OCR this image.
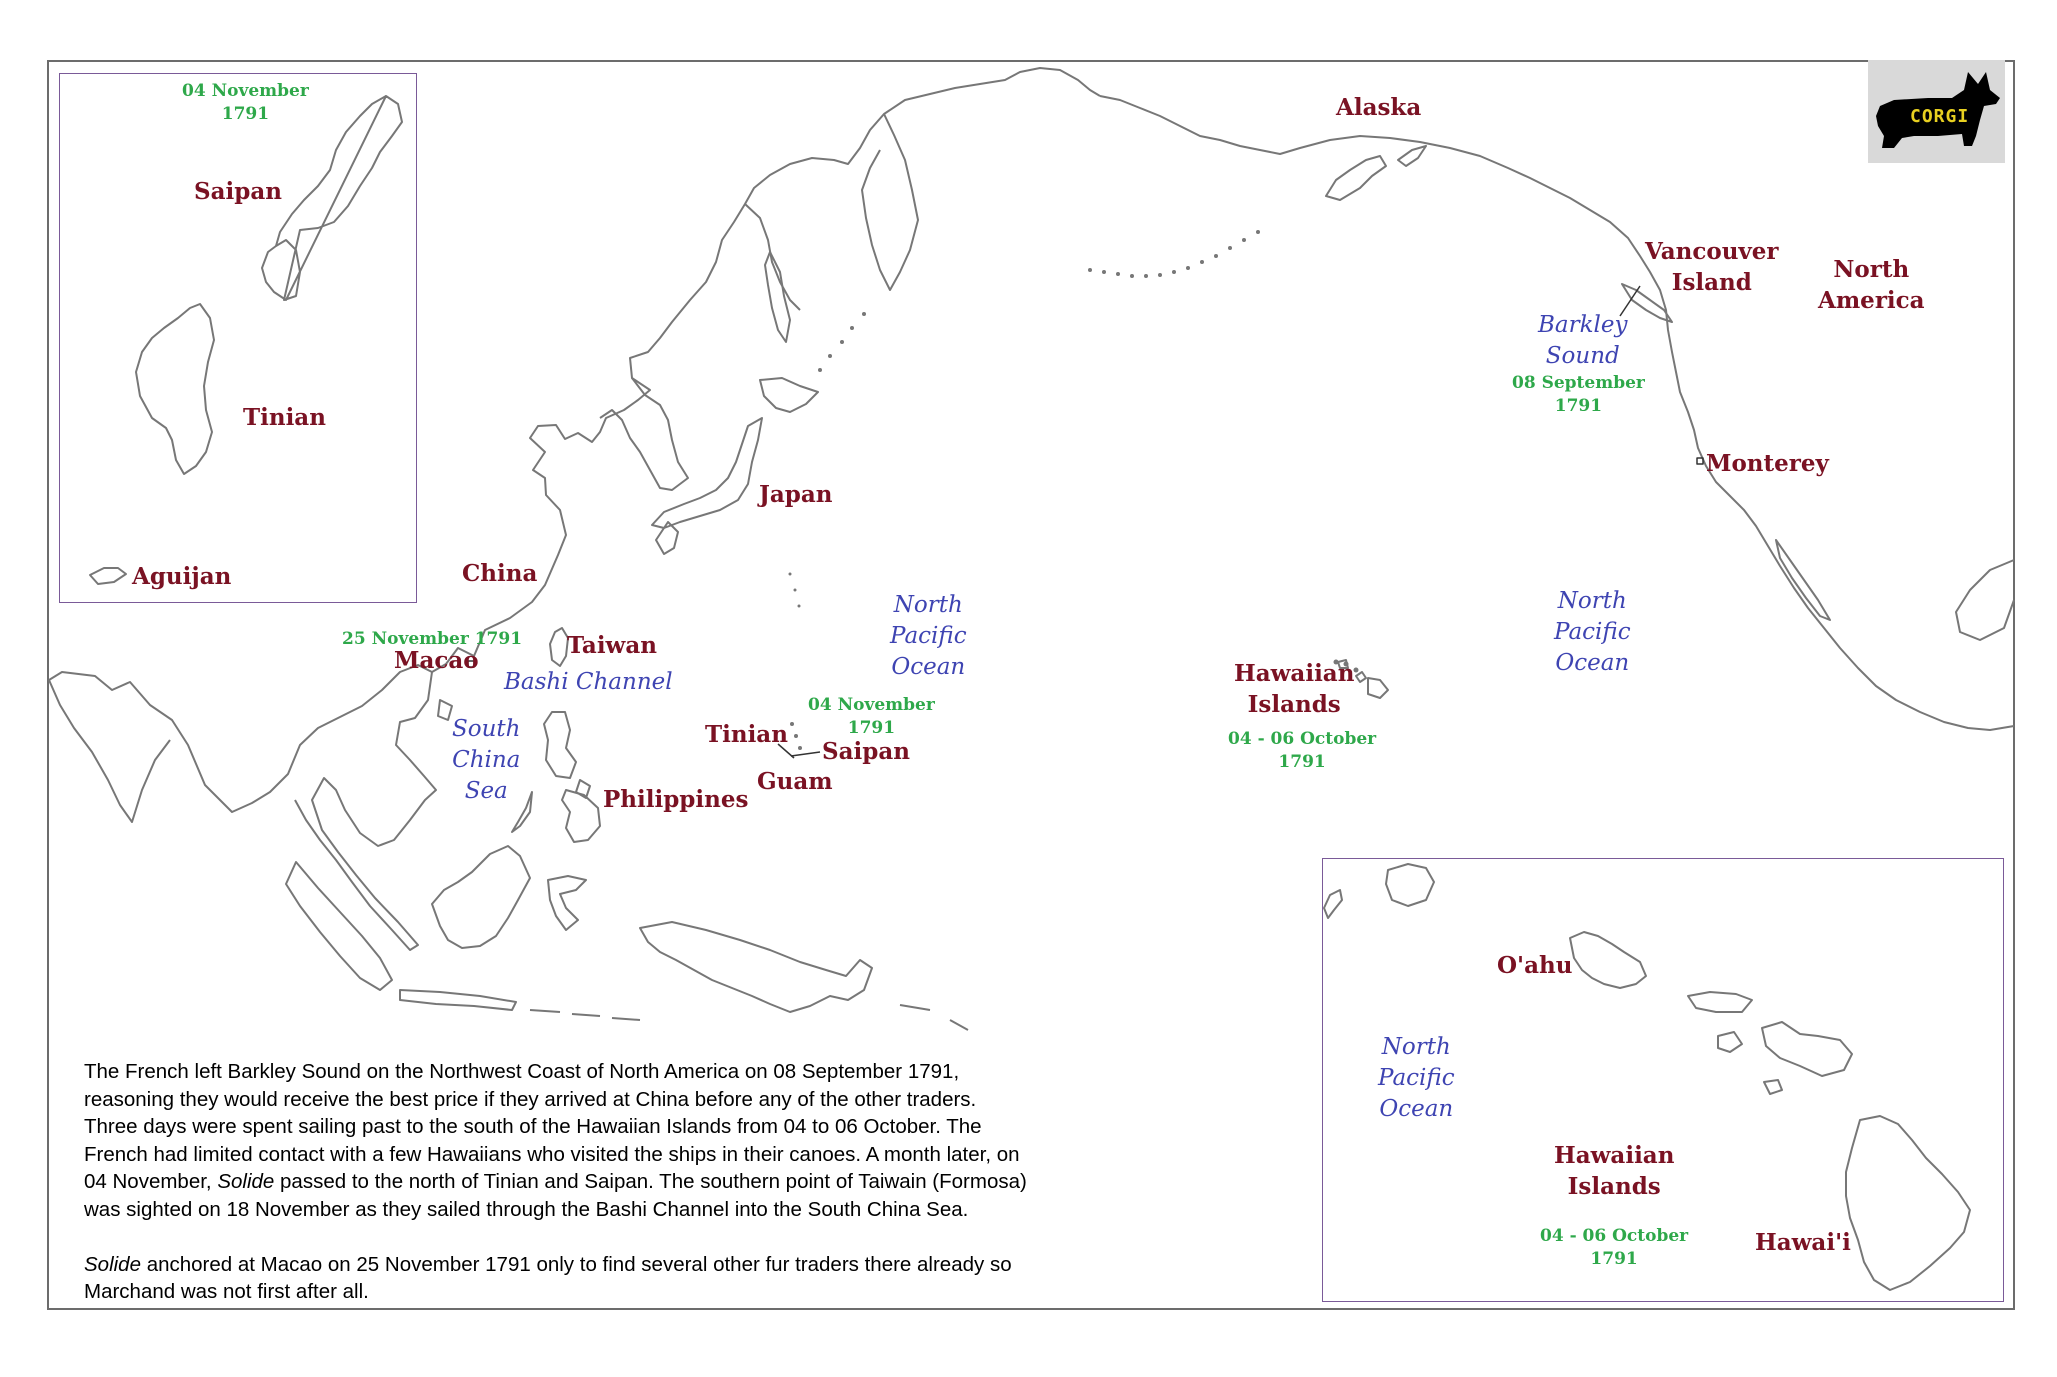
04 November
1791
Saipan
Tinian
Aguijan
O'ahu
North
Pacific
Ocean
Hawaiian
Islands
04 - 06 October
1791
Hawai'i
Alaska
Vancouver
Island	North
America
Barkley
Sound
08 September
1791
Monterey
Japan
China
25 November 1791 Taiwan
Macao
Bashi Channel
North
Pacific
Ocean
South
China
Sea
04 November
1791
Tinian
Saipan
Guam
Philippines
Hawaiian
Islands
04 - 06 October
1791
North
Pacific
Ocean
CORGI

The French left Barkley Sound on the Northwest Coast of North America on 08 September 1791,
reasoning they would receive the best price if they arrived at China before any of the other traders.
Three days were spent sailing past to the south of the Hawaiian Islands from 04 to 06 October. The
French had limited contact with a few Hawaiians who visited the ships in their canoes. A month later, on
04 November, Solide passed to the north of Tinian and Saipan. The southern point of Taiwain (Formosa)
was sighted on 18 November as they sailed through the Bashi Channel into the South China Sea.

Solide anchored at Macao on 25 November 1791 only to find several other fur traders there already so
Marchand was not first after all.
